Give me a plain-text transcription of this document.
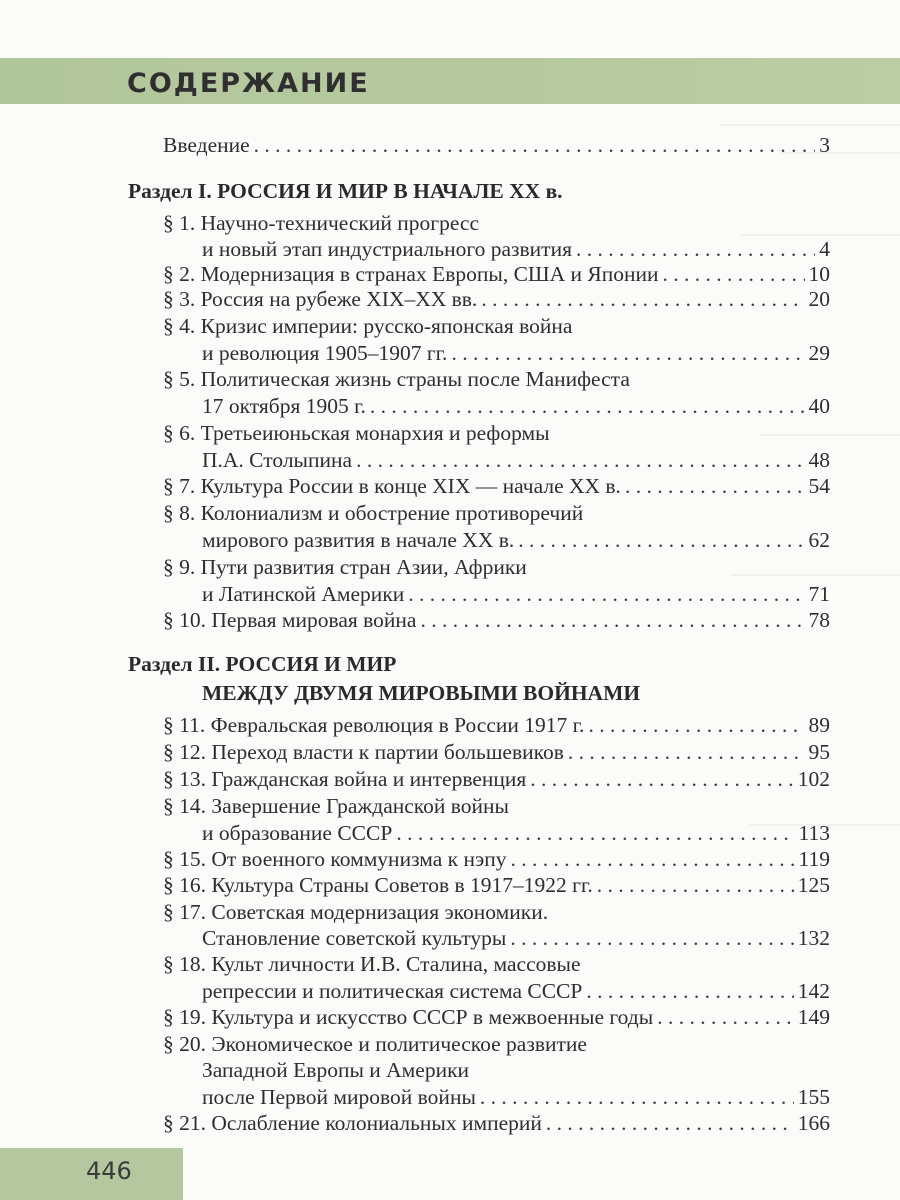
СОДЕРЖАНИЕ
Введение . . .	3
Раздел I. РОССИЯ И МИР В НАЧАЛЕ XX в.
§ 1. Научно-технический прогресс
и новый этап индустриального развития . . .	4
§ 2. Модернизация в странах Европы, США и Японии . . .	10
§ 3. Россия на рубеже XIX–XX вв. . . .	20
§ 4. Кризис империи: русско-японская война
и революция 1905–1907 гг. . . .	29
§ 5. Политическая жизнь страны после Манифеста
17 октября 1905 г. . . .	40
§ 6. Третьеиюньская монархия и реформы
П.А. Столыпина . . .	48
§ 7. Культура России в конце XIX — начале XX в. . . .	54
§ 8. Колониализм и обострение противоречий
мирового развития в начале XX в. . . .	62
§ 9. Пути развития стран Азии, Африки
и Латинской Америки . . .	71
§ 10. Первая мировая война . . .	78
Раздел II. РОССИЯ И МИР
МЕЖДУ ДВУМЯ МИРОВЫМИ ВОЙНАМИ
§ 11. Февральская революция в России 1917 г. . . .	89
§ 12. Переход власти к партии большевиков . . .	95
§ 13. Гражданская война и интервенция . . .	102
§ 14. Завершение Гражданской войны
и образование СССР . . .	113
§ 15. От военного коммунизма к нэпу . . .	119
§ 16. Культура Страны Советов в 1917–1922 гг. . . .	125
§ 17. Советская модернизация экономики.
Становление советской культуры . . .	132
§ 18. Культ личности И.В. Сталина, массовые
репрессии и политическая система СССР . . .	142
§ 19. Культура и искусство СССР в межвоенные годы . . .	149
§ 20. Экономическое и политическое развитие
Западной Европы и Америки
после Первой мировой войны . . .	155
§ 21. Ослабление колониальных империй . . .	166
446
